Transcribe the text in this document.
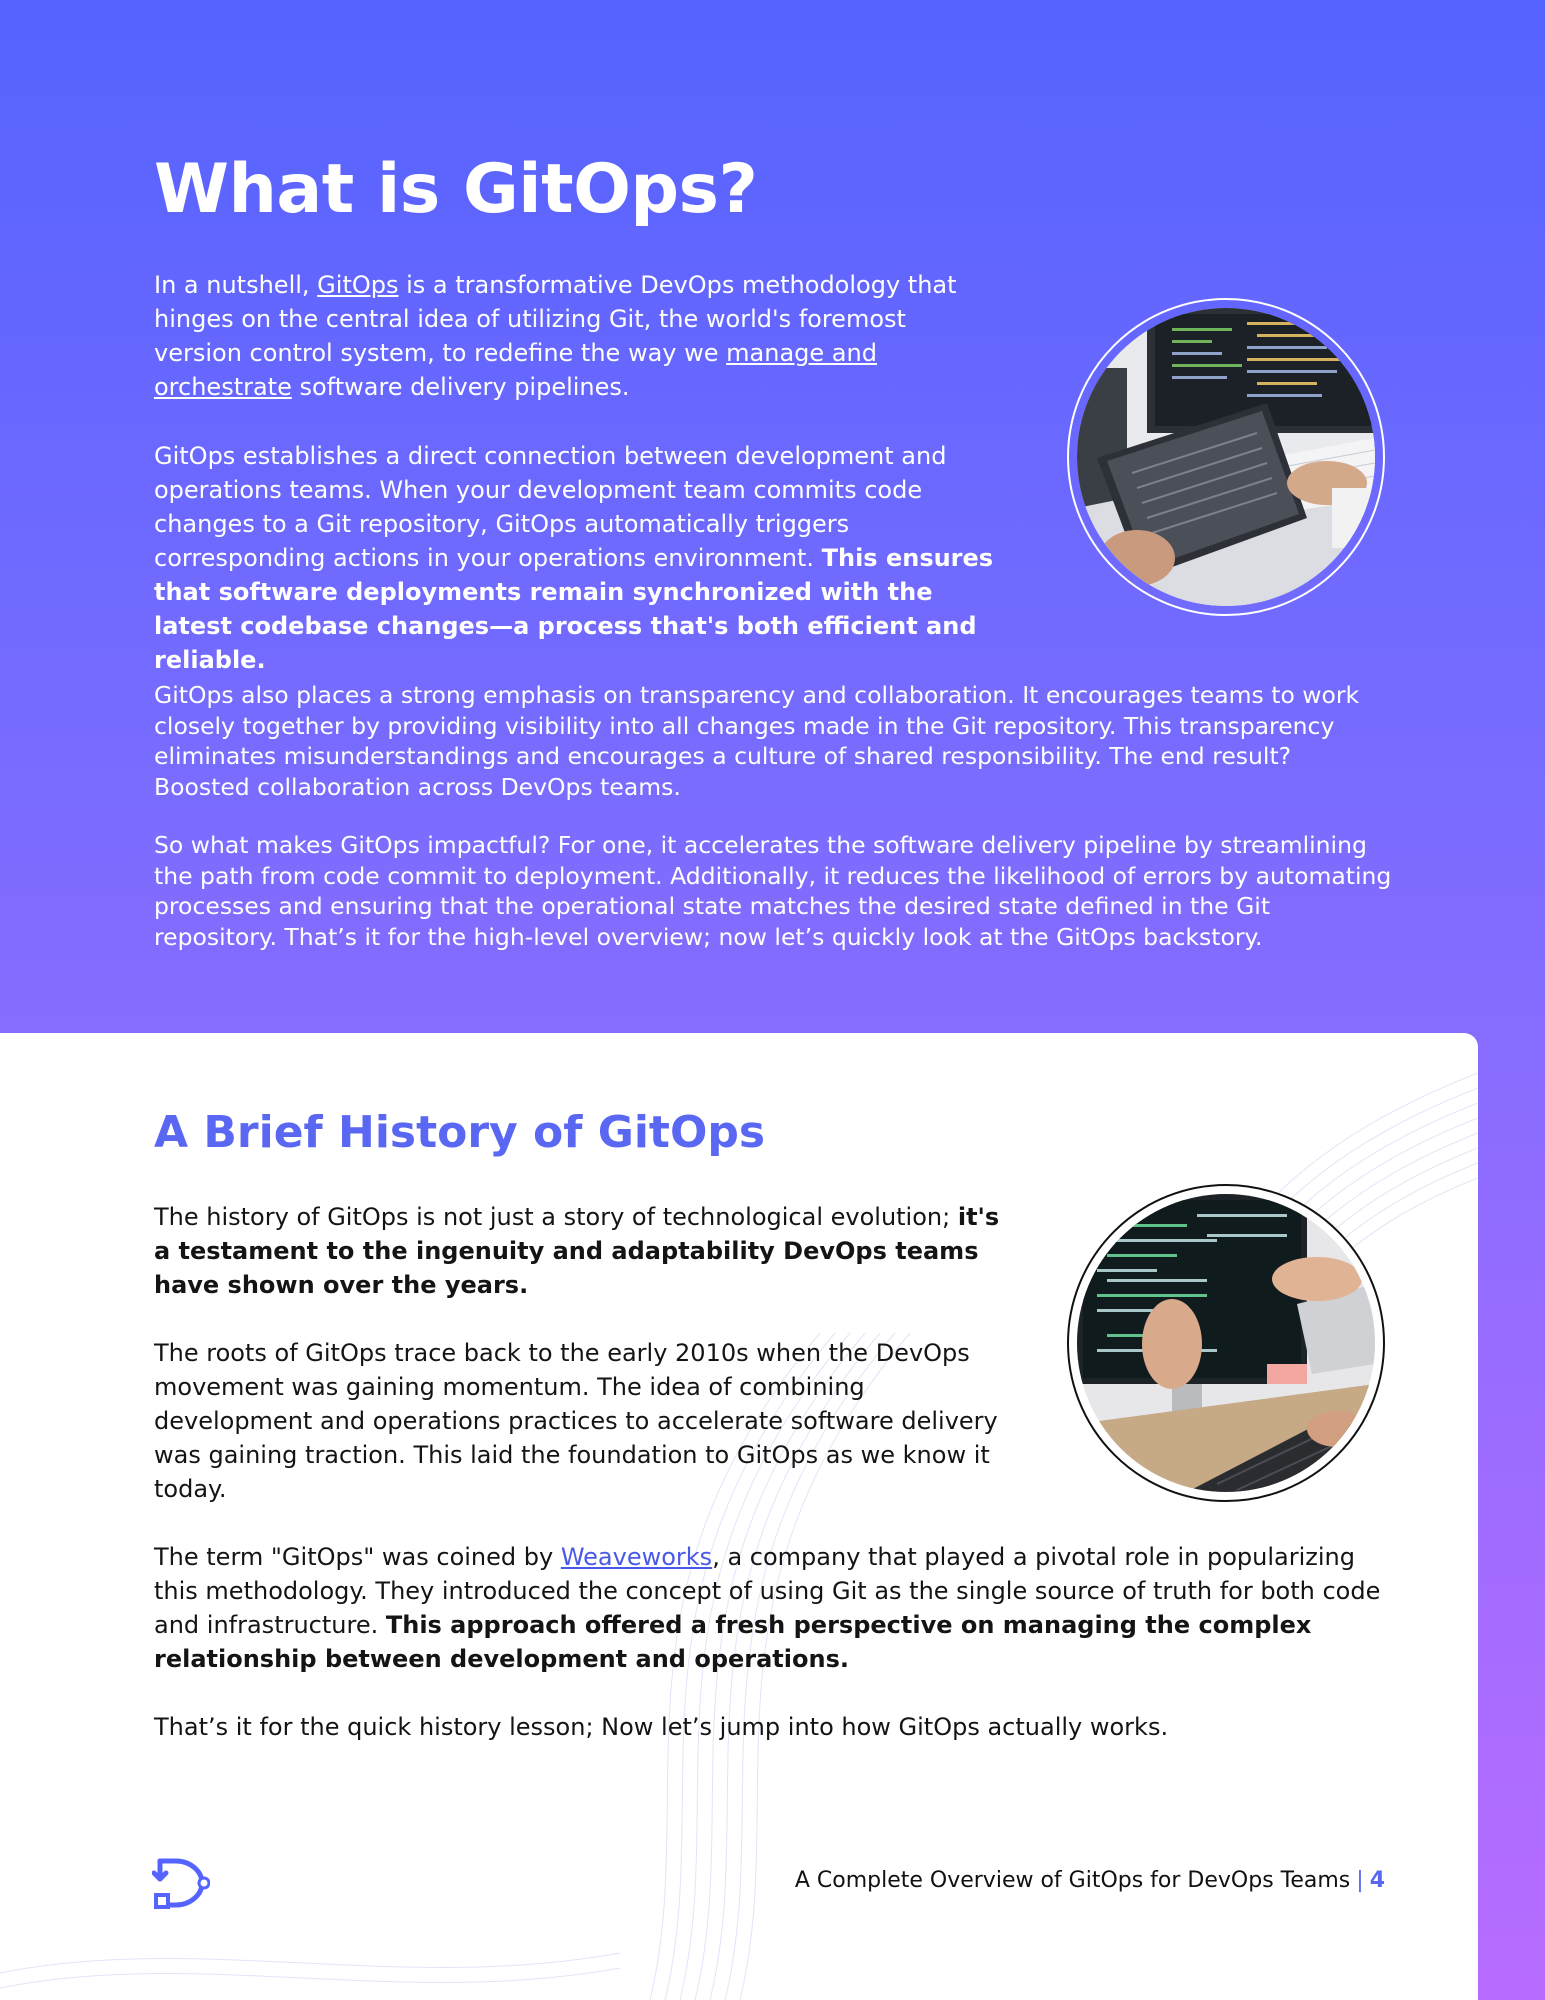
What is GitOps?

In a nutshell, GitOps is a transformative DevOps methodology that hinges on the central idea of utilizing Git, the world's foremost version control system, to redefine the way we manage and orchestrate software delivery pipelines.

GitOps establishes a direct connection between development and operations teams. When your development team commits code changes to a Git repository, GitOps automatically triggers corresponding actions in your operations environment. This ensures that software deployments remain synchronized with the latest codebase changes—a process that's both efficient and reliable.

GitOps also places a strong emphasis on transparency and collaboration. It encourages teams to work closely together by providing visibility into all changes made in the Git repository. This transparency eliminates misunderstandings and encourages a culture of shared responsibility. The end result? Boosted collaboration across DevOps teams.

So what makes GitOps impactful? For one, it accelerates the software delivery pipeline by streamlining the path from code commit to deployment. Additionally, it reduces the likelihood of errors by automating processes and ensuring that the operational state matches the desired state defined in the Git repository. That’s it for the high-level overview; now let’s quickly look at the GitOps backstory.

A Brief History of GitOps

The history of GitOps is not just a story of technological evolution; it's a testament to the ingenuity and adaptability DevOps teams have shown over the years.

The roots of GitOps trace back to the early 2010s when the DevOps movement was gaining momentum. The idea of combining development and operations practices to accelerate software delivery was gaining traction. This laid the foundation to GitOps as we know it today.

The term "GitOps" was coined by Weaveworks, a company that played a pivotal role in popularizing this methodology. They introduced the concept of using Git as the single source of truth for both code and infrastructure. This approach offered a fresh perspective on managing the complex relationship between development and operations.

That’s it for the quick history lesson; Now let’s jump into how GitOps actually works.

A Complete Overview of GitOps for DevOps Teams | 4
